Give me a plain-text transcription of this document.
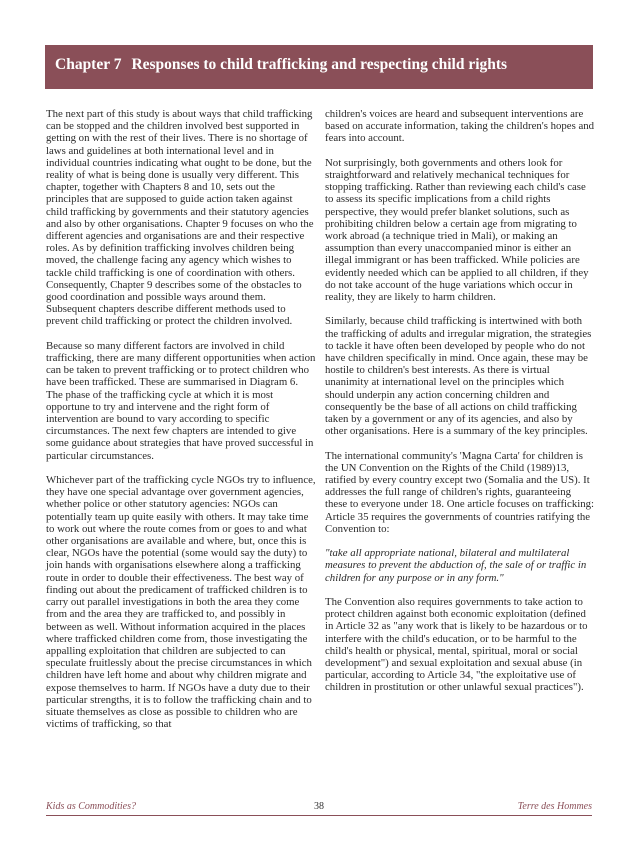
Chapter 7 Responses to child trafficking and respecting child rights

The next part of this study is about ways that child trafficking can be stopped and the children involved best supported in getting on with the rest of their lives. There is no shortage of laws and guidelines at both international level and in individual countries indicating what ought to be done, but the reality of what is being done is usually very different. This chapter, together with Chapters 8 and 10, sets out the principles that are supposed to guide action taken against child trafficking by governments and their statutory agencies and also by other organisations. Chapter 9 focuses on who the different agencies and organisations are and their respective roles. As by definition trafficking involves children being moved, the challenge facing any agency which wishes to tackle child trafficking is one of coordination with others. Consequently, Chapter 9 describes some of the obstacles to good coordination and possible ways around them. Subsequent chapters describe different methods used to prevent child trafficking or protect the children involved.

Because so many different factors are involved in child trafficking, there are many different opportunities when action can be taken to prevent trafficking or to protect children who have been trafficked. These are summarised in Diagram 6. The phase of the trafficking cycle at which it is most opportune to try and intervene and the right form of intervention are bound to vary according to specific circumstances. The next few chapters are intended to give some guidance about strategies that have proved successful in particular circumstances.

Whichever part of the trafficking cycle NGOs try to influence, they have one special advantage over government agencies, whether police or other statutory agencies: NGOs can potentially team up quite easily with others. It may take time to work out where the route comes from or goes to and what other organisations are available and where, but, once this is clear, NGOs have the potential (some would say the duty) to join hands with organisations elsewhere along a trafficking route in order to double their effectiveness. The best way of finding out about the predicament of trafficked children is to carry out parallel investigations in both the area they come from and the area they are trafficked to, and possibly in between as well. Without information acquired in the places where trafficked children come from, those investigating the appalling exploitation that children are subjected to can speculate fruitlessly about the precise circumstances in which children have left home and about why children migrate and expose themselves to harm. If NGOs have a duty due to their particular strengths, it is to follow the trafficking chain and to situate themselves as close as possible to children who are victims of trafficking, so that

children's voices are heard and subsequent interventions are based on accurate information, taking the children's hopes and fears into account.

Not surprisingly, both governments and others look for straightforward and relatively mechanical techniques for stopping trafficking. Rather than reviewing each child's case to assess its specific implications from a child rights perspective, they would prefer blanket solutions, such as prohibiting children below a certain age from migrating to work abroad (a technique tried in Mali), or making an assumption than every unaccompanied minor is either an illegal immigrant or has been trafficked. While policies are evidently needed which can be applied to all children, if they do not take account of the huge variations which occur in reality, they are likely to harm children.

Similarly, because child trafficking is intertwined with both the trafficking of adults and irregular migration, the strategies to tackle it have often been developed by people who do not have children specifically in mind. Once again, these may be hostile to children's best interests. As there is virtual unanimity at international level on the principles which should underpin any action concerning children and consequently be the base of all actions on child trafficking taken by a government or any of its agencies, and also by other organisations. Here is a summary of the key principles.

The international community's 'Magna Carta' for children is the UN Convention on the Rights of the Child (1989)13, ratified by every country except two (Somalia and the US). It addresses the full range of children's rights, guaranteeing these to everyone under 18. One article focuses on trafficking: Article 35 requires the governments of countries ratifying the Convention to:

"take all appropriate national, bilateral and multilateral measures to prevent the abduction of, the sale of or traffic in children for any purpose or in any form."

The Convention also requires governments to take action to protect children against both economic exploitation (defined in Article 32 as "any work that is likely to be hazardous or to interfere with the child's education, or to be harmful to the child's health or physical, mental, spiritual, moral or social development") and sexual exploitation and sexual abuse (in particular, according to Article 34, "the exploitative use of children in prostitution or other unlawful sexual practices").

Kids as Commodities?	38	Terre des Hommes
